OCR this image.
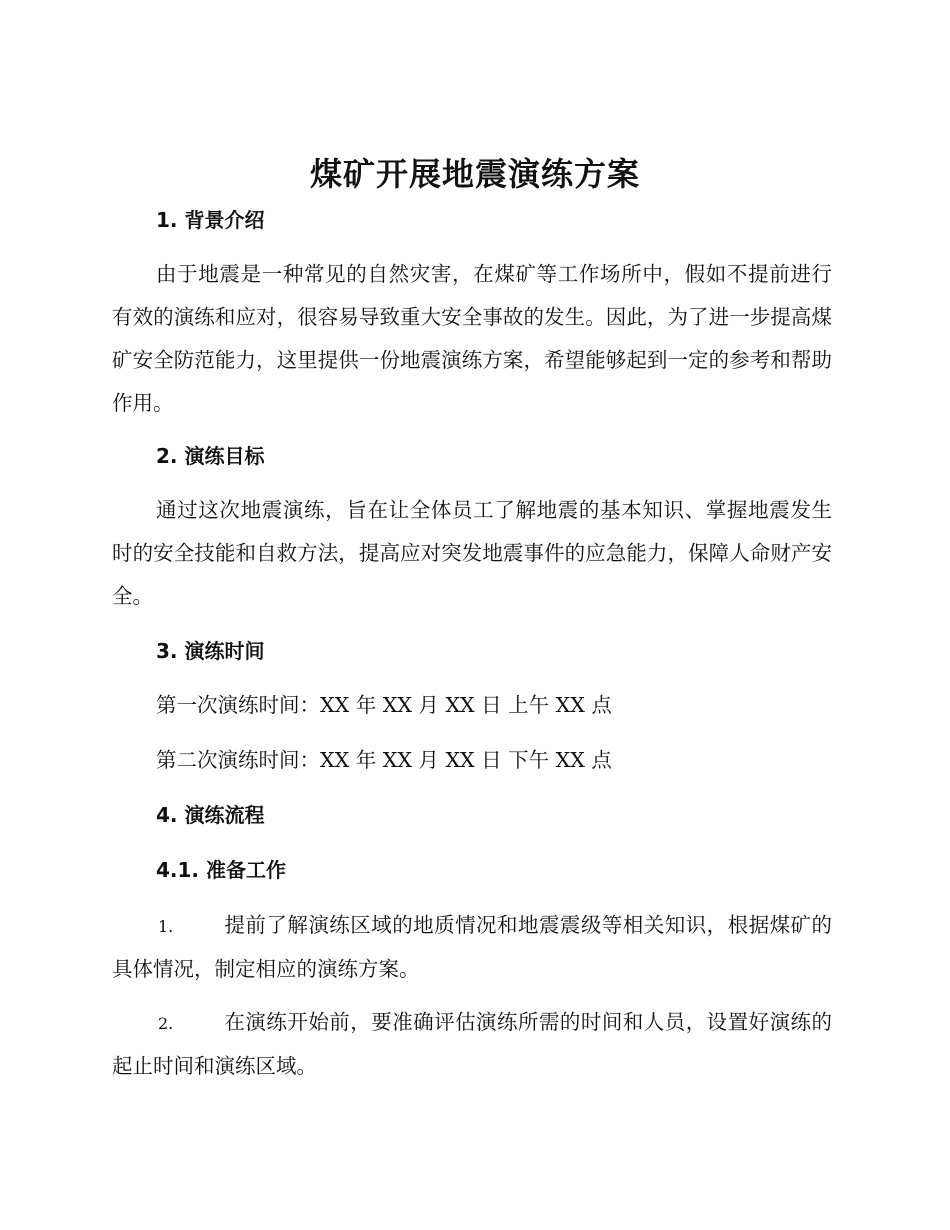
煤矿开展地震演练方案
1. 背景介绍

由于地震是一种常见的自然灾害，在煤矿等工作场所中，假如不提前进行有效的演练和应对，很容易导致重大安全事故的发生。因此，为了进一步提高煤矿安全防范能力，这里提供一份地震演练方案，希望能够起到一定的参考和帮助作用。

2. 演练目标

通过这次地震演练，旨在让全体员工了解地震的基本知识、掌握地震发生时的安全技能和自救方法，提高应对突发地震事件的应急能力，保障人命财产安全。

3. 演练时间
第一次演练时间：XX 年 XX 月 XX 日 上午 XX 点
第二次演练时间：XX 年 XX 月 XX 日 下午 XX 点
4. 演练流程
4.1. 准备工作

1. 提前了解演练区域的地质情况和地震震级等相关知识，根据煤矿的具体情况，制定相应的演练方案。

2. 在演练开始前，要准确评估演练所需的时间和人员，设置好演练的起止时间和演练区域。
